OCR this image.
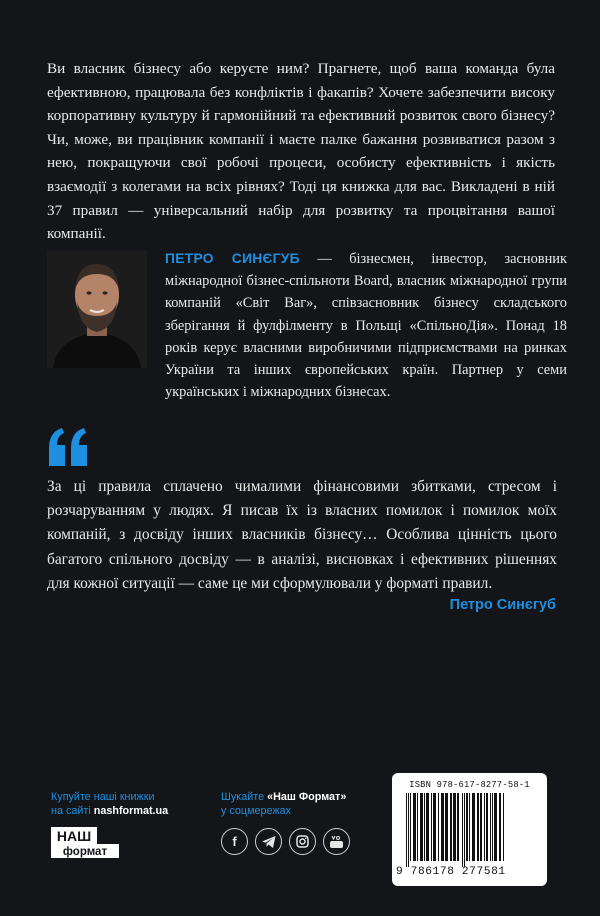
Ви власник бізнесу або керуєте ним? Прагнете, щоб ваша команда була ефективною, працювала без конфліктів і факапів? Хочете забезпечити високу корпоративну культуру й гармонійний та ефективний розвиток свого бізнесу? Чи, може, ви працівник компанії і маєте палке бажання розвиватися разом з нею, покращуючи свої робочі процеси, особисту ефективність і якість взаємодії з колегами на всіх рівнях? Тоді ця книжка для вас. Викладені в ній 37 правил — універсальний набір для розвитку та процвітання вашої компанії.

ПЕТРО СИНЄГУБ — бізнесмен, інвестор, засновник міжнародної бізнес-спільноти Board, власник міжнародної групи компаній «Світ Ваг», співзасновник бізнесу складського зберігання й фулфілменту в Польщі «СпільноДія». Понад 18 років керує власними виробничими підприємствами на ринках України та інших європейських країн. Партнер у семи українських і міжнародних бізнесах.

За ці правила сплачено чималими фінансовими збитками, стресом і розчаруванням у людях. Я писав їх із власних помилок і помилок моїх компаній, з досвіду інших власників бізнесу… Особлива цінність цього багатого спільного досвіду — в аналізі, висновках і ефективних рішеннях для кожної ситуації — саме це ми сформулювали у форматі правил.

Петро Синєгуб
Купуйте наші книжки
на сайті nashformat.ua
НАШ
формат
Шукайте «Наш Формат»
у соцмережах
f
ISBN 978-617-8277-58-1
9 786178 277581
